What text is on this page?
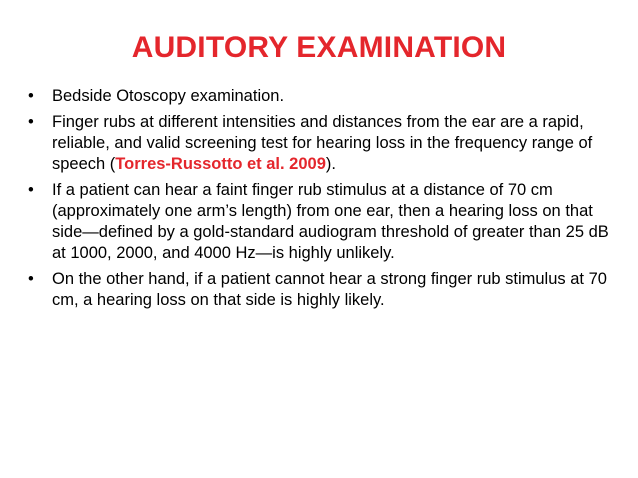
AUDITORY EXAMINATION
• Bedside Otoscopy examination.
• Finger rubs at different intensities and distances from the ear are a rapid, reliable, and valid screening test for hearing loss in the frequency range of speech (Torres-Russotto et al. 2009).
• If a patient can hear a faint finger rub stimulus at a distance of 70 cm (approximately one arm’s length) from one ear, then a hearing loss on that side—defined by a gold-standard audiogram threshold of greater than 25 dB at 1000, 2000, and 4000 Hz—is highly unlikely.
• On the other hand, if a patient cannot hear a strong finger rub stimulus at 70 cm, a hearing loss on that side is highly likely.
